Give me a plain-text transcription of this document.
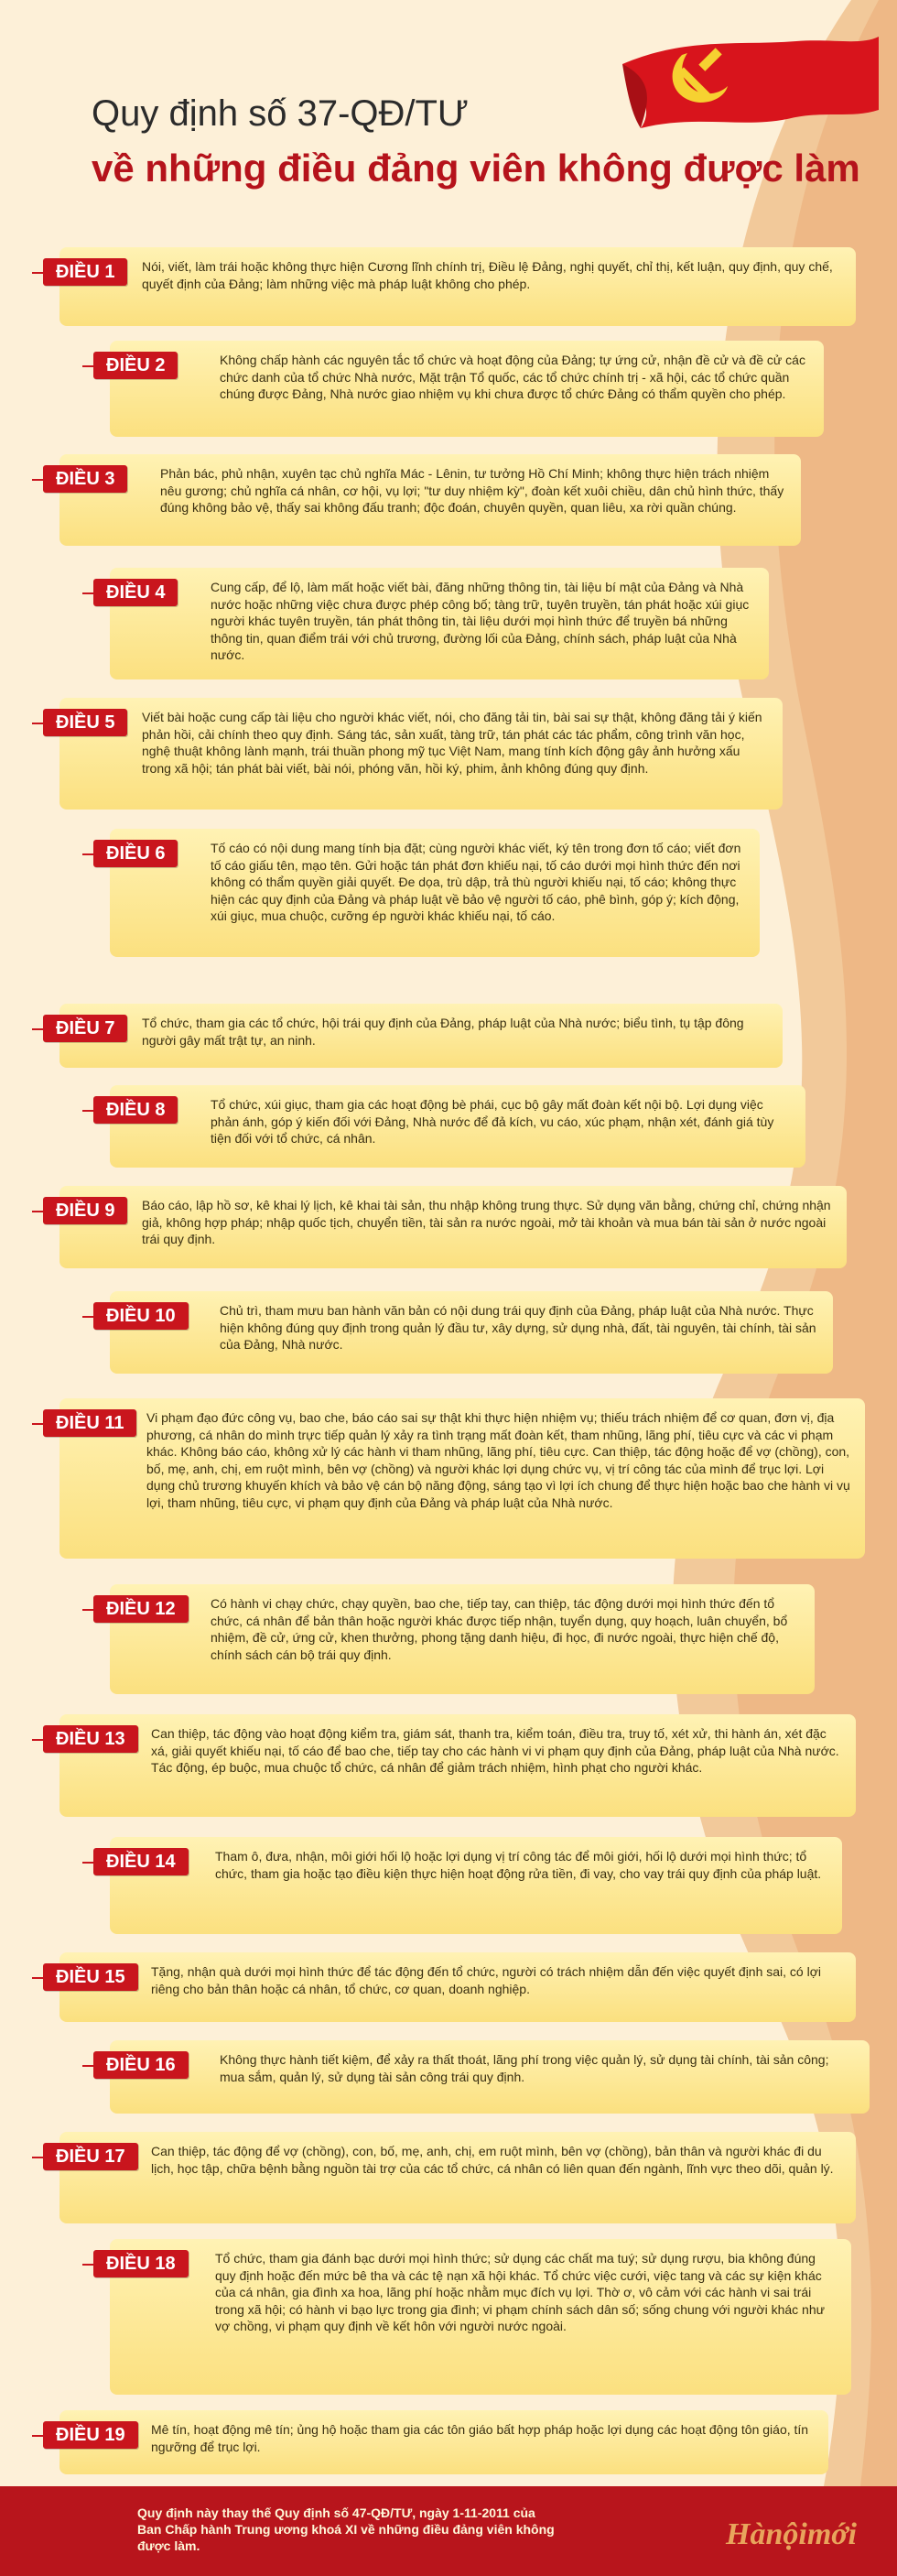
Quy định số 37-QĐ/TƯ
về những điều đảng viên không được làm
ĐIỀU 1	Nói, viết, làm trái hoặc không thực hiện Cương lĩnh chính trị, Điều lệ Đảng, nghị quyết, chỉ thị, kết luận, quy định, quy chế, quyết định của Đảng; làm những việc mà pháp luật không cho phép.

ĐIỀU 2	Không chấp hành các nguyên tắc tổ chức và hoạt động của Đảng; tự ứng cử, nhận đề cử và đề cử các chức danh của tổ chức Nhà nước, Mặt trận Tổ quốc, các tổ chức chính trị - xã hội, các tổ chức quần chúng được Đảng, Nhà nước giao nhiệm vụ khi chưa được tổ chức Đảng có thẩm quyền cho phép.

ĐIỀU 3	Phản bác, phủ nhận, xuyên tạc chủ nghĩa Mác - Lênin, tư tưởng Hồ Chí Minh; không thực hiện trách nhiệm nêu gương; chủ nghĩa cá nhân, cơ hội, vụ lợi; "tư duy nhiệm kỳ", đoàn kết xuôi chiều, dân chủ hình thức, thấy đúng không bảo vệ, thấy sai không đấu tranh; độc đoán, chuyên quyền, quan liêu, xa rời quần chúng.

ĐIỀU 4	Cung cấp, để lộ, làm mất hoặc viết bài, đăng những thông tin, tài liệu bí mật của Đảng và Nhà nước hoặc những việc chưa được phép công bố; tàng trữ, tuyên truyền, tán phát hoặc xúi giục người khác tuyên truyền, tán phát thông tin, tài liệu dưới mọi hình thức để truyền bá những thông tin, quan điểm trái với chủ trương, đường lối của Đảng, chính sách, pháp luật của Nhà nước.

ĐIỀU 5	Viết bài hoặc cung cấp tài liệu cho người khác viết, nói, cho đăng tải tin, bài sai sự thật, không đăng tải ý kiến phản hồi, cải chính theo quy định. Sáng tác, sản xuất, tàng trữ, tán phát các tác phẩm, công trình văn học, nghệ thuật không lành mạnh, trái thuần phong mỹ tục Việt Nam, mang tính kích động gây ảnh hưởng xấu trong xã hội; tán phát bài viết, bài nói, phóng văn, hồi ký, phim, ảnh không đúng quy định.

ĐIỀU 6	Tố cáo có nội dung mang tính bịa đặt; cùng người khác viết, ký tên trong đơn tố cáo; viết đơn tố cáo giấu tên, mạo tên. Gửi hoặc tán phát đơn khiếu nại, tố cáo dưới mọi hình thức đến nơi không có thẩm quyền giải quyết. Đe dọa, trù dập, trả thù người khiếu nại, tố cáo; không thực hiện các quy định của Đảng và pháp luật về bảo vệ người tố cáo, phê bình, góp ý; kích động, xúi giục, mua chuộc, cưỡng ép người khác khiếu nại, tố cáo.

ĐIỀU 7	Tổ chức, tham gia các tổ chức, hội trái quy định của Đảng, pháp luật của Nhà nước; biểu tình, tụ tập đông người gây mất trật tự, an ninh.

ĐIỀU 8	Tổ chức, xúi giục, tham gia các hoạt động bè phái, cục bộ gây mất đoàn kết nội bộ. Lợi dụng việc phản ánh, góp ý kiến đối với Đảng, Nhà nước để đả kích, vu cáo, xúc phạm, nhận xét, đánh giá tùy tiện đối với tổ chức, cá nhân.

ĐIỀU 9	Báo cáo, lập hồ sơ, kê khai lý lịch, kê khai tài sản, thu nhập không trung thực. Sử dụng văn bằng, chứng chỉ, chứng nhận giả, không hợp pháp; nhập quốc tịch, chuyển tiền, tài sản ra nước ngoài, mở tài khoản và mua bán tài sản ở nước ngoài trái quy định.

ĐIỀU 10	Chủ trì, tham mưu ban hành văn bản có nội dung trái quy định của Đảng, pháp luật của Nhà nước. Thực hiện không đúng quy định trong quản lý đầu tư, xây dựng, sử dụng nhà, đất, tài nguyên, tài chính, tài sản của Đảng, Nhà nước.

ĐIỀU 11	Vi phạm đạo đức công vụ, bao che, báo cáo sai sự thật khi thực hiện nhiệm vụ; thiếu trách nhiệm để cơ quan, đơn vị, địa phương, cá nhân do mình trực tiếp quản lý xảy ra tình trạng mất đoàn kết, tham nhũng, lãng phí, tiêu cực và các vi phạm khác. Không báo cáo, không xử lý các hành vi tham nhũng, lãng phí, tiêu cực. Can thiệp, tác động hoặc để vợ (chồng), con, bố, mẹ, anh, chị, em ruột mình, bên vợ (chồng) và người khác lợi dụng chức vụ, vị trí công tác của mình để trục lợi. Lợi dụng chủ trương khuyến khích và bảo vệ cán bộ năng động, sáng tạo vì lợi ích chung để thực hiện hoặc bao che hành vi vụ lợi, tham nhũng, tiêu cực, vi phạm quy định của Đảng và pháp luật của Nhà nước.

ĐIỀU 12	Có hành vi chạy chức, chạy quyền, bao che, tiếp tay, can thiệp, tác động dưới mọi hình thức đến tổ chức, cá nhân để bản thân hoặc người khác được tiếp nhận, tuyển dụng, quy hoạch, luân chuyển, bổ nhiệm, đề cử, ứng cử, khen thưởng, phong tặng danh hiệu, đi học, đi nước ngoài, thực hiện chế độ, chính sách cán bộ trái quy định.

ĐIỀU 13	Can thiệp, tác động vào hoạt động kiểm tra, giám sát, thanh tra, kiểm toán, điều tra, truy tố, xét xử, thi hành án, xét đặc xá, giải quyết khiếu nại, tố cáo để bao che, tiếp tay cho các hành vi vi phạm quy định của Đảng, pháp luật của Nhà nước. Tác động, ép buộc, mua chuộc tổ chức, cá nhân để giảm trách nhiệm, hình phạt cho người khác.

ĐIỀU 14	Tham ô, đưa, nhận, môi giới hối lộ hoặc lợi dụng vị trí công tác để môi giới, hối lộ dưới mọi hình thức; tổ chức, tham gia hoặc tạo điều kiện thực hiện hoạt động rửa tiền, đi vay, cho vay trái quy định của pháp luật.

ĐIỀU 15	Tặng, nhận quà dưới mọi hình thức để tác động đến tổ chức, người có trách nhiệm dẫn đến việc quyết định sai, có lợi riêng cho bản thân hoặc cá nhân, tổ chức, cơ quan, doanh nghiệp.

ĐIỀU 16	Không thực hành tiết kiệm, để xảy ra thất thoát, lãng phí trong việc quản lý, sử dụng tài chính, tài sản công; mua sắm, quản lý, sử dụng tài sản công trái quy định.

ĐIỀU 17	Can thiệp, tác động để vợ (chồng), con, bố, mẹ, anh, chị, em ruột mình, bên vợ (chồng), bản thân và người khác đi du lịch, học tập, chữa bệnh bằng nguồn tài trợ của các tổ chức, cá nhân có liên quan đến ngành, lĩnh vực theo dõi, quản lý.

ĐIỀU 18	Tổ chức, tham gia đánh bạc dưới mọi hình thức; sử dụng các chất ma tuý; sử dụng rượu, bia không đúng quy định hoặc đến mức bê tha và các tệ nạn xã hội khác. Tổ chức việc cưới, việc tang và các sự kiện khác của cá nhân, gia đình xa hoa, lãng phí hoặc nhằm mục đích vụ lợi. Thờ ơ, vô cảm với các hành vi sai trái trong xã hội; có hành vi bạo lực trong gia đình; vi phạm chính sách dân số; sống chung với người khác như vợ chồng, vi phạm quy định về kết hôn với người nước ngoài.

ĐIỀU 19	Mê tín, hoạt động mê tín; ủng hộ hoặc tham gia các tôn giáo bất hợp pháp hoặc lợi dụng các hoạt động tôn giáo, tín ngưỡng để trục lợi.

Quy định này thay thế Quy định số 47-QĐ/TƯ, ngày 1-11-2011 của Ban Chấp hành Trung ương khoá XI về những điều đảng viên không được làm.	Hànộimới
